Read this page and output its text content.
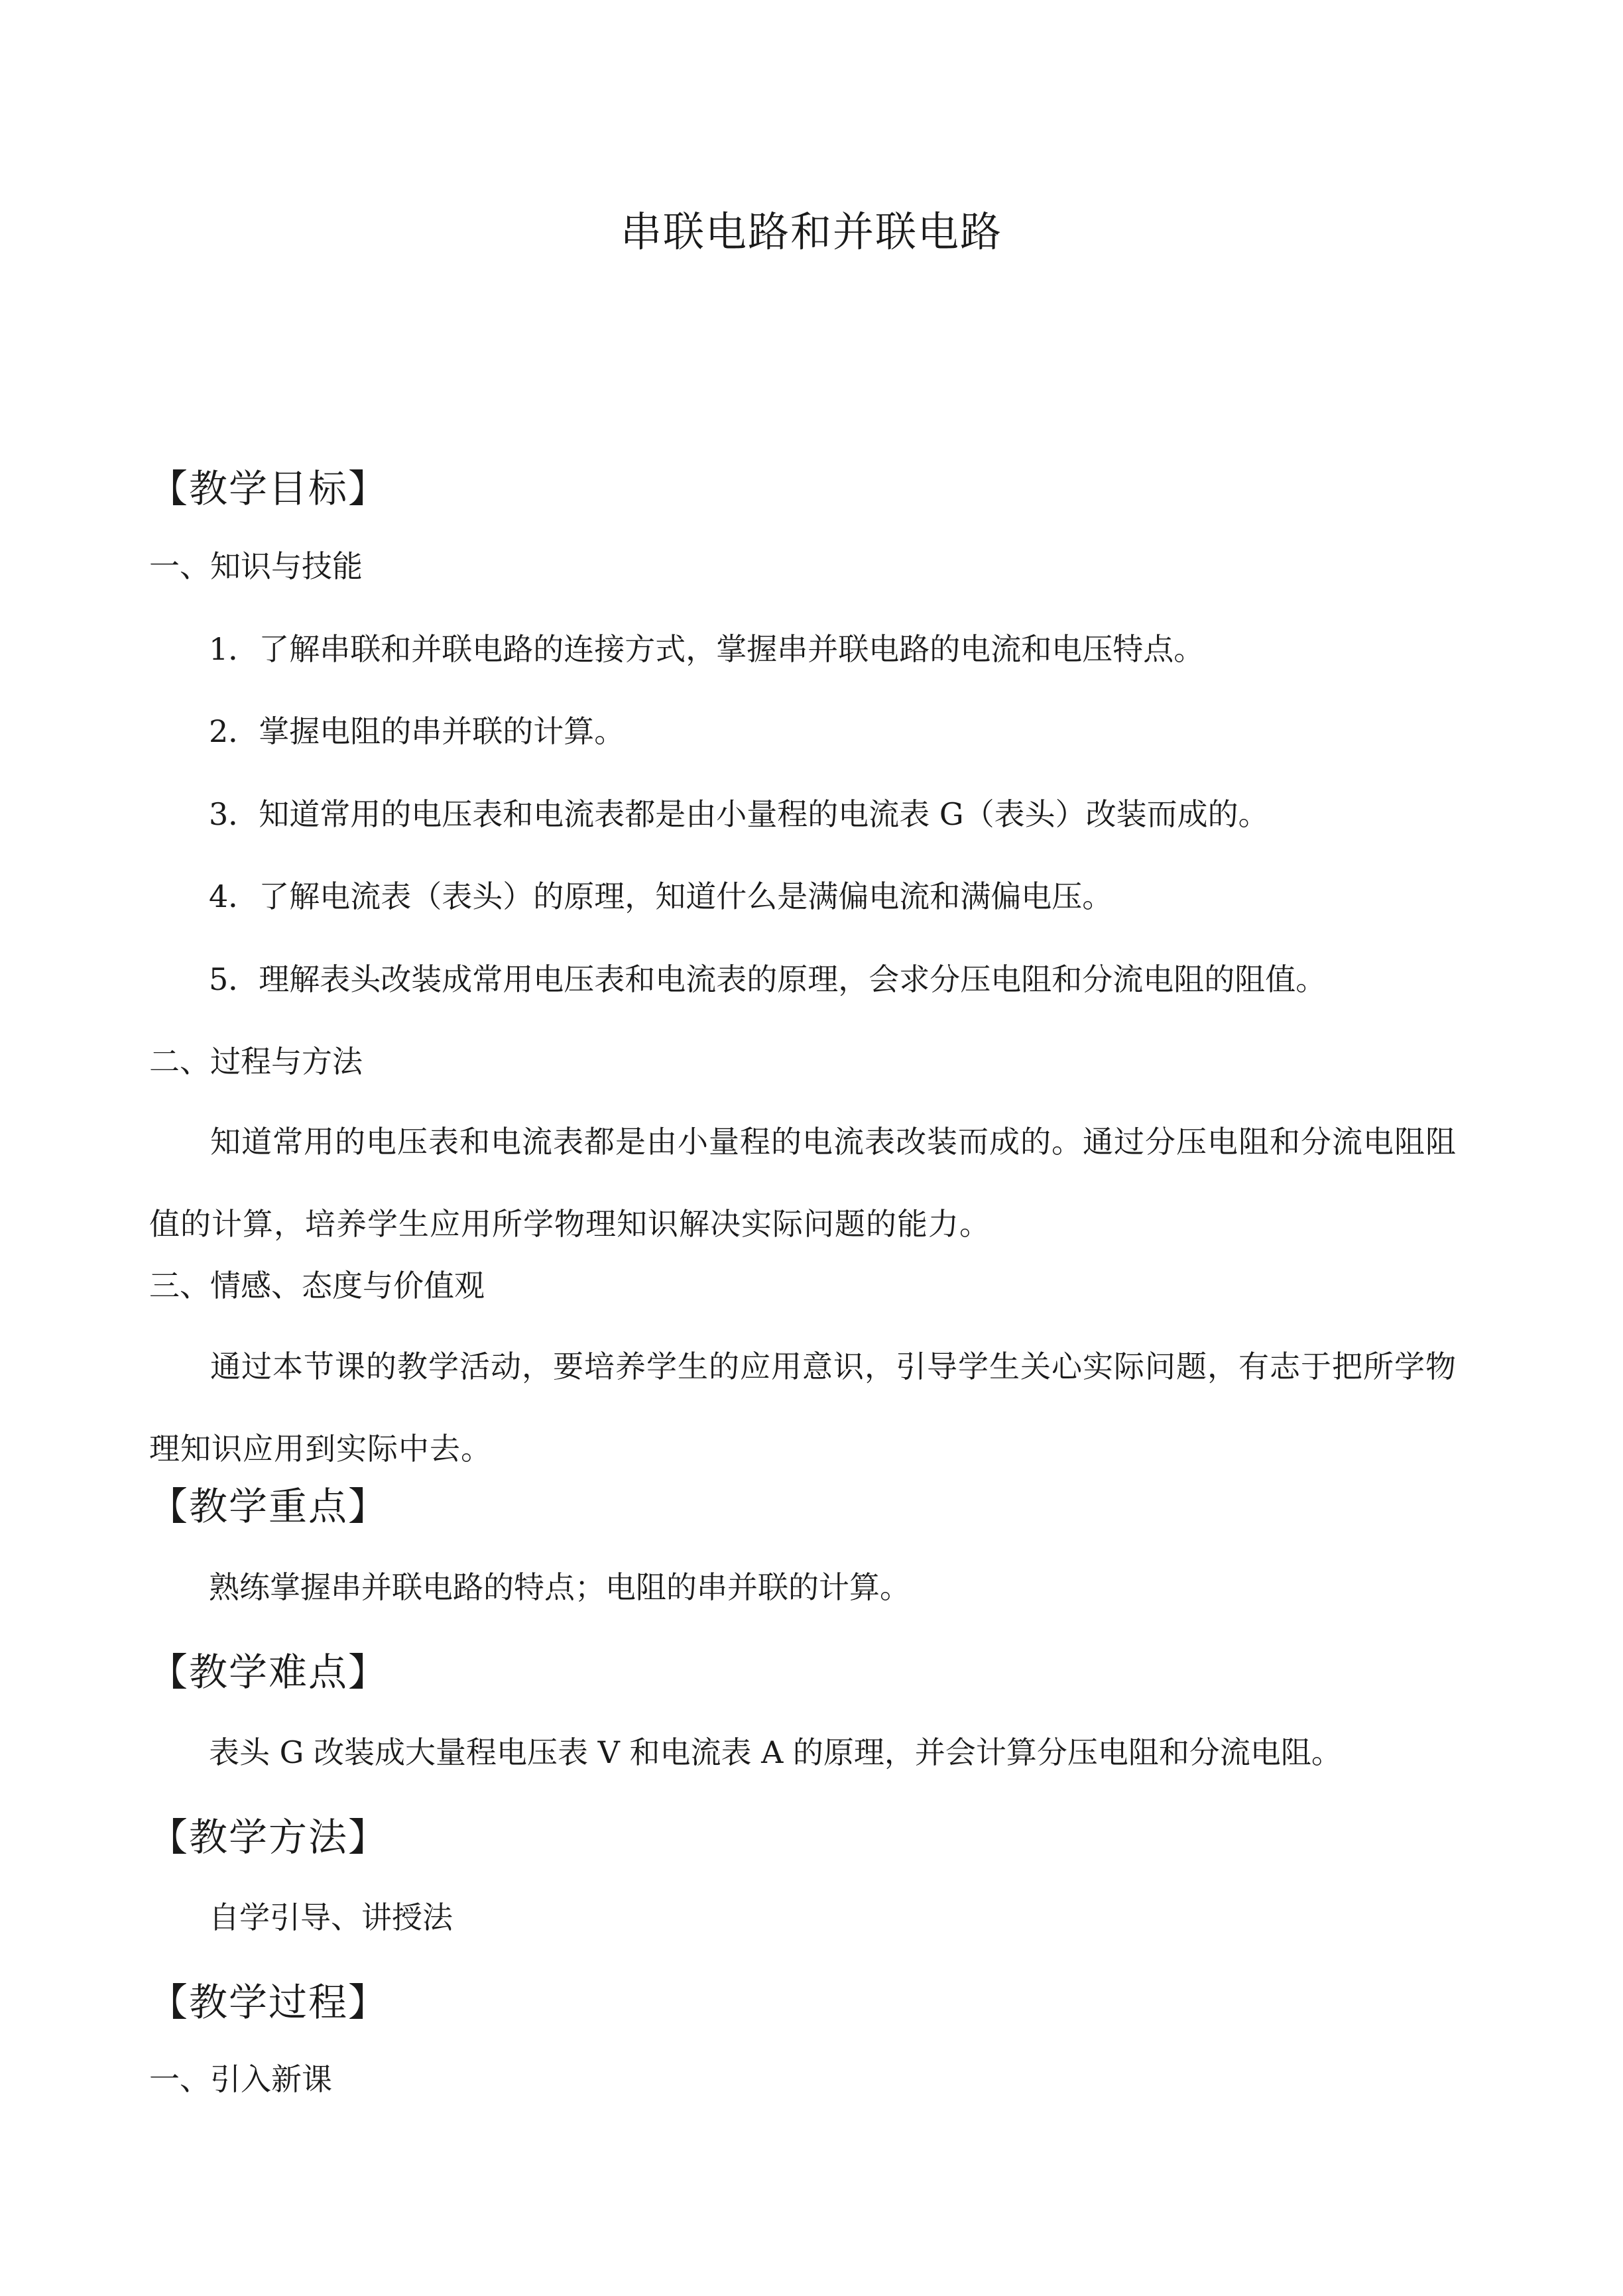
串联电路和并联电路
【教学目标】
一、知识与技能
1．了解串联和并联电路的连接方式，掌握串并联电路的电流和电压特点。
2．掌握电阻的串并联的计算。
3．知道常用的电压表和电流表都是由小量程的电流表 G（表头）改装而成的。
4．了解电流表（表头）的原理，知道什么是满偏电流和满偏电压。
5．理解表头改装成常用电压表和电流表的原理，会求分压电阻和分流电阻的阻值。
二、过程与方法
知道常用的电压表和电流表都是由小量程的电流表改装而成的。通过分压电阻和分流电阻阻值的计算，培养学生应用所学物理知识解决实际问题的能力。
三、情感、态度与价值观
通过本节课的教学活动，要培养学生的应用意识，引导学生关心实际问题，有志于把所学物理知识应用到实际中去。
【教学重点】
熟练掌握串并联电路的特点；电阻的串并联的计算。
【教学难点】
表头 G 改装成大量程电压表 V 和电流表 A 的原理，并会计算分压电阻和分流电阻。
【教学方法】
自学引导、讲授法
【教学过程】
一、引入新课
